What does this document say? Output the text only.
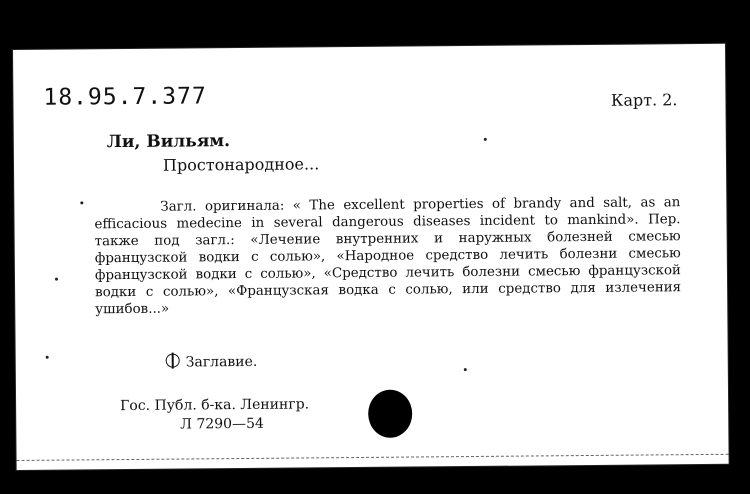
18.95.7.377	Карт. 2.
Ли, Вильям.
Простонародное...

Загл. оригинала: « The excellent properties of brandy and salt, as an efficacious medecine in several dangerous diseases incident to mankind». Пер. также под загл.: «Лечение внутренних и наружных болезней смесью французской водки с солью», «Народное средство лечить болезни смесью французской водки с солью», «Средство лечить болезни смесью французской водки с солью», «Французская водка с солью, или средство для излечения ушибов...»

Заглавие.
Гос. Публ. б-ка. Ленингр.
Л 7290—54
